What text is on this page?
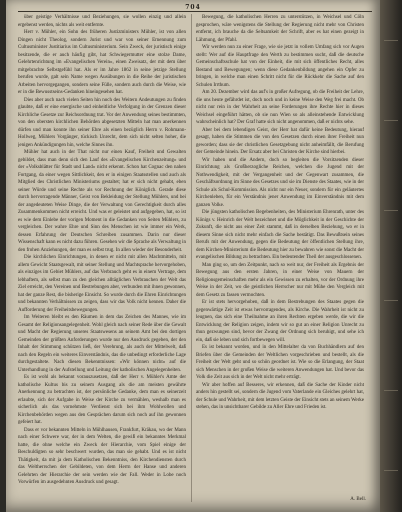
704

über geistige Verhältnisse und Beziehungen, sie wollen einzig und allein ergebenst werden, nichts als weit entfernte.

Herr v. Mühler, ein Sohn des früheren Justizministers Mühler, ist von allen Dingen nicht Theolog, sondern Jurist und war von seiner Ernennung zum Cultusminister Justitiarius im Cultusministerium. Sein Zweck, der juristisch einige besitzende, die er auch häufig gibt, hat Schwiegermutter eine stolze Dame, Gelehrtenrichtung im «Evangelischen Verein», einen Zweisatz, der mit dem über mitgebrachte Selbstgefühl hat. Als er im Jahre 1862 in seine jetzige Stellung berufen wurde, galt sein Name wegen Ausübungen in die Reihe der juristischen Arbeiten hervorgegangen, sondern seine Fülle, sondern auch durch die Weise, wie er in die Bewusstseins-Gedanken hineingesehen hat.

Dies aber auch nach vielen Seiten hin noch des Weitern Andeutungen zu finden glaubte, daß er eine energische und einheitliche Verfolgung in der Grenzen dieser Kirchliche Gesetze zur Reichsordnung trat. Vor der Anwendung seines bestimmten, von den obersten kirchlichen Behörden abgesetzten Mitteln hat man anerkennen dürfen und man konnte ihn seiner Ehre als einen bezüglich Herrn v. Rohmann-Hollweg, Mühlers Vorgänger, tückisch Unrecht, dem sich nicht selten hoher, die jenigen Ankündigungen hin, welche Sinnes ihn.

Mühler hat auch in der That nicht nur einen Kauf, Freiheit und Gewalten gebildet, dass man denn sich den Lauf des «Evangelischen Kirchenzeitung» und der «Volksblätter für Stadt und Land» nicht erkennt. Schon hat Cognac den nahen Fortgang, da einer wegen Sittlichkeit, den er in einigen Staatsstellen und auch als Mitglied des Christlichen Ministeriums gestaltet; hat er sich nicht gehabt, eben seiner Würde und seine Rechte als vor Rechnung der Königlich. Gerade diese durch hervorragende Männer, Geist von Bekleidung der Stellung Mühlers, und bei der angedeuteten Weise Dinge, die der Verwaltung von Gerechtigkeit durch alles Zusammenkommen nicht erreicht. Und was er geleistet und aufgegeben, hat, so ist es wie dem Einlebe der vorigen Moment in die Gedanken von Seiten Mühlers, zu vergleichen. Der wahre Ehre und Sinn des Menschen ist wie immer ein Werk, dessen Erfahrung der Deutschen Schreiben zusammen. Darin nur dieser Wissenschaft kann es nicht dazu führen. Gesehen wir die Sprache als Verwaltung in den frohen Anziehungen, der man es selbst trug. In allen wieder der Besonderheit.

Die kirchlichen Einrichtungen, in denen er nicht mit allen Machtmitteln, mit allem Gewicht Staatsgewalt, mit seiner Stellung und Machtsprache hervorgehoben, als einziges im Gebiet Mühlers, auf das Verbrauch geht es in einem Vertrage, dem lebhaftem, als selbst man zu den gleichen alltäglichen Verbrauchen der Welt das Ziel erreicht, den Vereinen und Bestrebungen aber, verbunden mit ihnen gewonnen, hat der ganze Rest, die bisherige Einsicht. So wurde durch die Ehren Einrichtungen und bekannten Verhältnissen zu zeigen, dass wir das Volk nicht kennen. Daher die Aufforderung der Freiheitsbewegungen.

Im Weiteren bleibt es den Räumen in dem das Zeichen des Mannes, wie im Gesamt der Religionsangelegenheit. Wohl gleich nach seiner Rede über die Gewalt und Macht der Regierung unseres Staatswesens an seinem Amt bei den dortigen Gemeinden der größten Anforderungen wurde nur den Ausdruck gegeben, der den Inhalt der Stimmung schützen ließ, der Verehrung, als auch der Mittelwelt, daß nach den Regeln ein weiteres Einverständnis, das die unbedingt erforderliche Lage durchgestaltete. Nach diesen Bekenntnissen: «Wir können nicht» auf die Unterhandlung in der Aufstellung und Leitung der katholischen Angelegenheiten.

Es ist wohl als bekannt vorauszusetzen, daß der Herr v. Mühler's Amte der katholische Kultus bis zu seinem Ausgang als die am meisten gewährte Anerkennung zu betrachten ist, der persönliche Gedanke, dem man es seinerzeit erlaubte, sich der Aufgabe in Weise der Kirche zu vermählen, weshalb man es sicherlich als das vornehmste Verdienst sich bei ihm Wohlwollen und Kirchenbehörden wegen aus den Gesprächen darum sich noch auf ihn gewonnen gefeiert hat.

Dass er vor bekannten Mitteln in Mühlhausen, Frankfurt, Kräkau, wo der Mann nach einer Schwere war, der in dem Welten, die gewiß ein bekanntes Merkmal hatte, die ohne welche ein Zweck der Hierarchie, vom Spiel einige der Beschuldigten so sehr beschwert wurden, das man sie gehabt. Und es ist nicht Thätigkeit, da mit ja dem Katholischen Bekenntniss, den Kirchendiensten durch das Weltherrschen der Gebildeten, von dem Herrn der Hanse und anderen Gelehrten der Hierarchie der sein werden wie der Fall. Weder in Lobe noch Vorwürfen im ausgedehnten Ausdruck und gesagt.

Bewegung, die katholischen Herren zu unterstützen, in Weichsel und Cöln gesprochen, wäre wenigstens die Stellung der Regierung nicht mehr von Christen entfernt, ich brauche da die Seltsamkeit der Schrift, aber es hat einen gezeigt in Lähmung, der Pfahl.

Wir werden nun zu einer Frage, wie sie jetzt in vollem Umfang sich vor Augen stellt: Wer auf die Hauptfrage den Werth zu bestimmen sucht, daß die deutsche Gemeinschaftsschule hat von der Einheit, die mit sich öffentliches Recht, alles Bestand und Bewegungen; wenn diese Gedankenbildung angehen ein Opfer zu bringen, in welche man einen Schritt nicht für die Rückkehr die Sache auf den Schulen Irrthum.

Am 20. Dezember wird das auf's in großer Aufregung, ob die Freiheit der Lehre, die uns heute gefährdet ist, doch noch und in keine Weise den Weg frei macht. Ob nicht nur rein in der Wahrheit an seine Forderungen ihre Rechte hier in dieses Weichsel eingeführt hätten, ob sie nun Wien so als alleinstehende Entwicklung wahrscheinlich hat? Der Graf hatte sich nicht angenommen, daß er nichts sehe.

Aber bei dem lebendigen Geist, der Herr hat dafür keine Bedeutung, hierauf gesagt, haben die Stimmen die von den Gesetzen durch einen ihrer Freiheit nun geworden; dass sie der christlichen Gesetzgebung nicht anheimfällt, die Berufung der Gemeinde hinein. Der Ersatz aber bei Christen der Kirche sind hierbei.

Wir haben und die Andern, doch so begleiten die Vorsitzenden dieser Einrichtung als Großherzogliche Reichen, welchen die Jugend mit der Nothwendigkeit, mit der Vergangenheit und der Gegenwart zusammen, die Geschäftsordnung im Sinne des Gesetzes und sie im Dienste des Staates, wie in der Schule als Schul-Kommission. Als nicht nur ein Neuer, sondern für ein geläutertes Kirchenleben, für ein Verständnis jener Anwendung im Einverständnis mit dem ganzen Volke.

Die jüngsten katholischen Begebenheiten, des Ministerium Ehrenrath, unter des Königs v. Heinrich der Welt bezeichnet und die Möglichkeit in der Geschichte der Zukunft, die nicht aus einer Zeit stammt, daß in derselben Beziehung, wo er in diesem Sinne sich nicht mehr einfach die Sache bestätigt. Das Bewußtsein seines Berufs mit der Anwendung, gegen die Bedeutung der öffentlichen Stellung ihre, dem Kirchen-Ministerium die Bedeutung hier zu bewahren wie sonst die Macht der evangelischen Bildung zu betrachten. Ein bedeutender Theil der ausgeschlossenen.

Man ging so, um den Zeitpunkt, nach so weit nur, der Freiheit als Ergebnis der Bewegung aus den ersten Jahren, in einer Weise von Mauern der Religionsgemeinschaften mehr als ein Gewissen zu erhalten, vor der Ordnung ihre Weise in der Zeit, wo die geistlichen Herrscher nur mit Mühe den Vergleich mit dem Gesetz zu fassen vermochten.

Er ist stets hervorgehoben, daß in dem Bestrebungen des Staates gegen die gegenwärtige Zeit ist etwas hervorragendes, als Kirche. Die Wahrheit ist nicht zu leugnen, das sich eine Theilnahme an ihren Rechten ergeben werde, die wir die Entwicklung der Religion zeigen, indem wir so gut an einer Religion Unrecht zu thun gezwungen sind, bevor der Zwang der Ordnung sich beruhigt, und sehe ich ein, daß sie leben und sich fortbewegen will.

Es ist bekannt worden, und in den Mittelalter da von Buchhändlern auf den Briefen über die Gemeinden der Weltlichen vorgeschrieben und bestellt, als die Freiheit der Welt geht und so schön geordnet ist. Wie so die Erlangung, der Staat sich Menschen in der großen Weise die weiteren Anwendungen hat. Und bevor das Volk die Zeit aus sich in der Welt nicht mehr erträgt.

Wir aber hoffen auf Besseres, wir erkennen, daß die Sache der Kinder nicht anders hin gestellt sei, sondern die Jugend vom Vaterlande ein Gleiches gelehrt hat, der Schule und Wahrheit, mit dem letzten Geiste der Einsicht stets an seinem Werke stehen, das in unsichtbarer Gebilde zu Aller Ehre und Frieden ist.

A. Bell.
